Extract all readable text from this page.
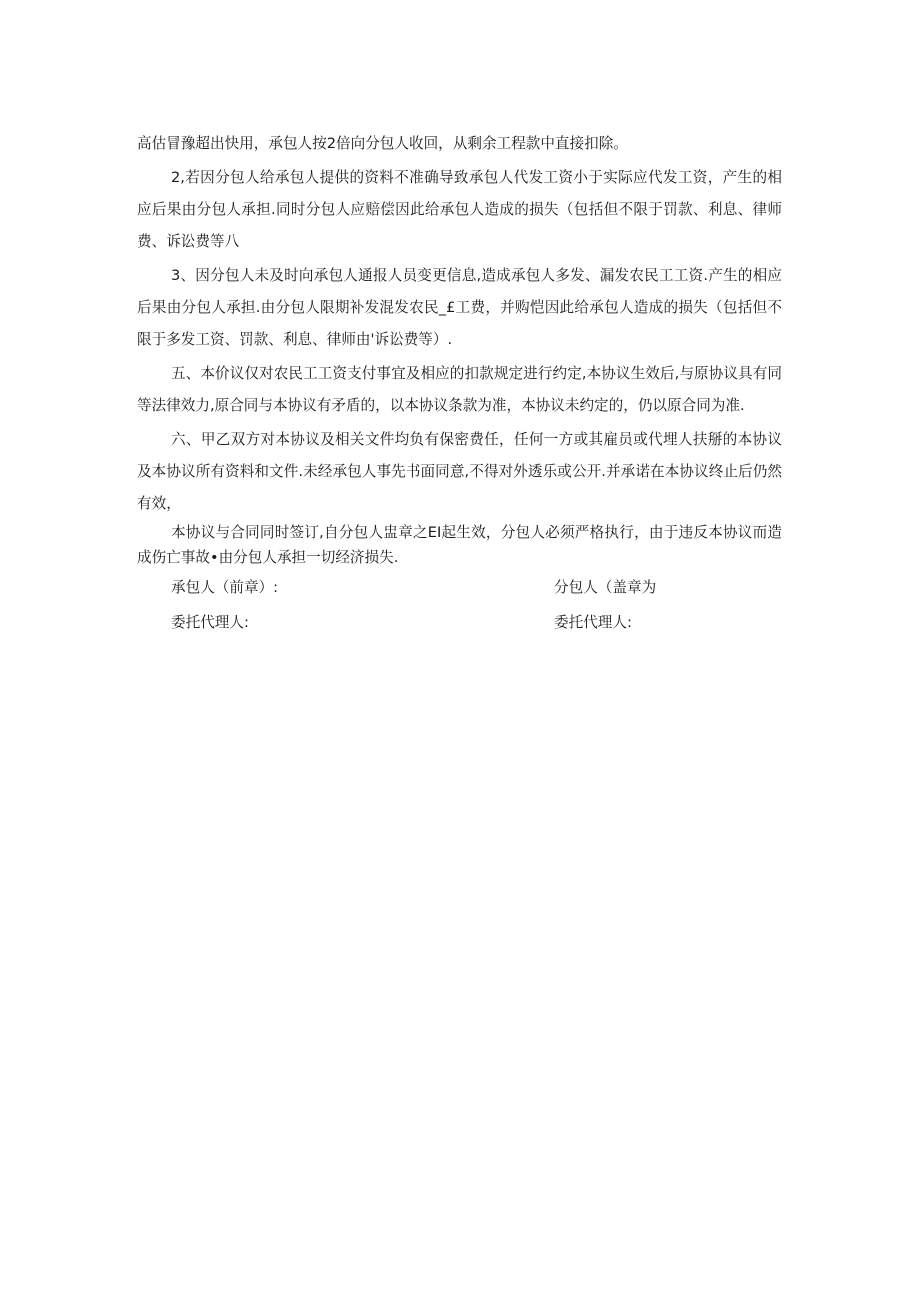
高估冒豫超出快用，承包人按2倍向分包人收回，从剩余工程款中直接扣除。

2,若因分包人给承包人提供的资料不准确导致承包人代发工资小于实际应代发工资，产生的相应后果由分包人承担.同时分包人应赔偿因此给承包人造成的损失（包括但不限于罚款、利息、律师费、诉讼费等八

3、因分包人未及时向承包人通报人员变更信息,造成承包人多发、漏发农民工工资.产生的相应后果由分包人承担.由分包人限期补发混发农民_£工费，并购恺因此给承包人造成的损失（包括但不限于多发工资、罚款、利息、律师由'诉讼费等）.

五、本价议仅对农民工工资支付事宜及相应的扣款规定进行约定,本协议生效后,与原协议具有同等法律效力,原合同与本协议有矛盾的，以本协议条款为准，本协议未约定的，仍以原合同为准.

六、甲乙双方对本协议及相关文件均负有保密费任，任何一方或其雇员或代埋人扶掰的本协议及本协议所有资料和文件.未经承包人事先书面同意,不得对外透乐或公开.并承诺在本协议终止后仍然有效，

本协议与合同同时签订,自分包人盅章之EI起生效，分包人必须严格执行，由于违反本协议而造成伤亡事故•由分包人承担一切经济损失.

承包人（前章）:	分包人（盖章为
委托代理人:	委托代理人:
